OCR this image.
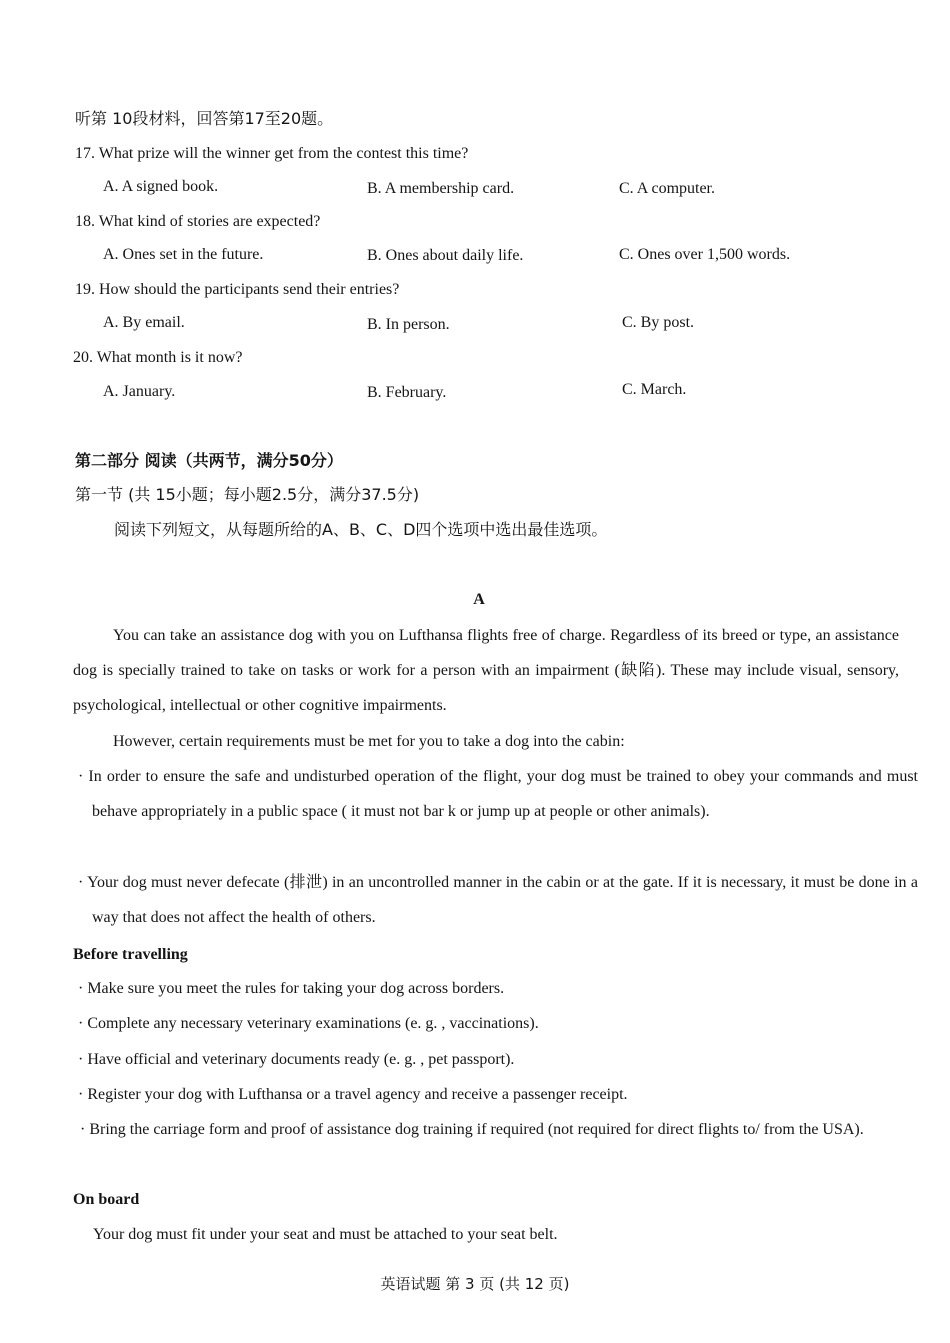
听第 10段材料，回答第17至20题。
17. What prize will the winner get from the contest this time?
A. A signed book.	B. A membership card.	C. A computer.
18. What kind of stories are expected?
A. Ones set in the future.	B. Ones about daily life.	C. Ones over 1,500 words.
19. How should the participants send their entries?
A. By email.	B. In person.	C. By post.
20. What month is it now?
A. January.	B. February.	C. March.
第二部分 阅读（共两节，满分50分）
第一节 (共 15小题；每小题2.5分，满分37.5分)
阅读下列短文，从每题所给的A、B、C、D四个选项中选出最佳选项。
A
You can take an assistance dog with you on Lufthansa flights free of charge. Regardless of its breed or type, an assistance dog is specially trained to take on tasks or work for a person with an impairment (缺陷). These may include visual, sensory, psychological, intellectual or other cognitive impairments.
However, certain requirements must be met for you to take a dog into the cabin:
· In order to ensure the safe and undisturbed operation of the flight, your dog must be trained to obey your commands and must behave appropriately in a public space ( it must not bar k or jump up at people or other animals).
· Your dog must never defecate (排泄) in an uncontrolled manner in the cabin or at the gate. If it is necessary, it must be done in a way that does not affect the health of others.
Before travelling
· Make sure you meet the rules for taking your dog across borders.
· Complete any necessary veterinary examinations (e. g. , vaccinations).
· Have official and veterinary documents ready (e. g. , pet passport).
· Register your dog with Lufthansa or a travel agency and receive a passenger receipt.
· Bring the carriage form and proof of assistance dog training if required (not required for direct flights to/ from the USA).
On board
Your dog must fit under your seat and must be attached to your seat belt.
英语试题 第 3 页 (共 12 页)
